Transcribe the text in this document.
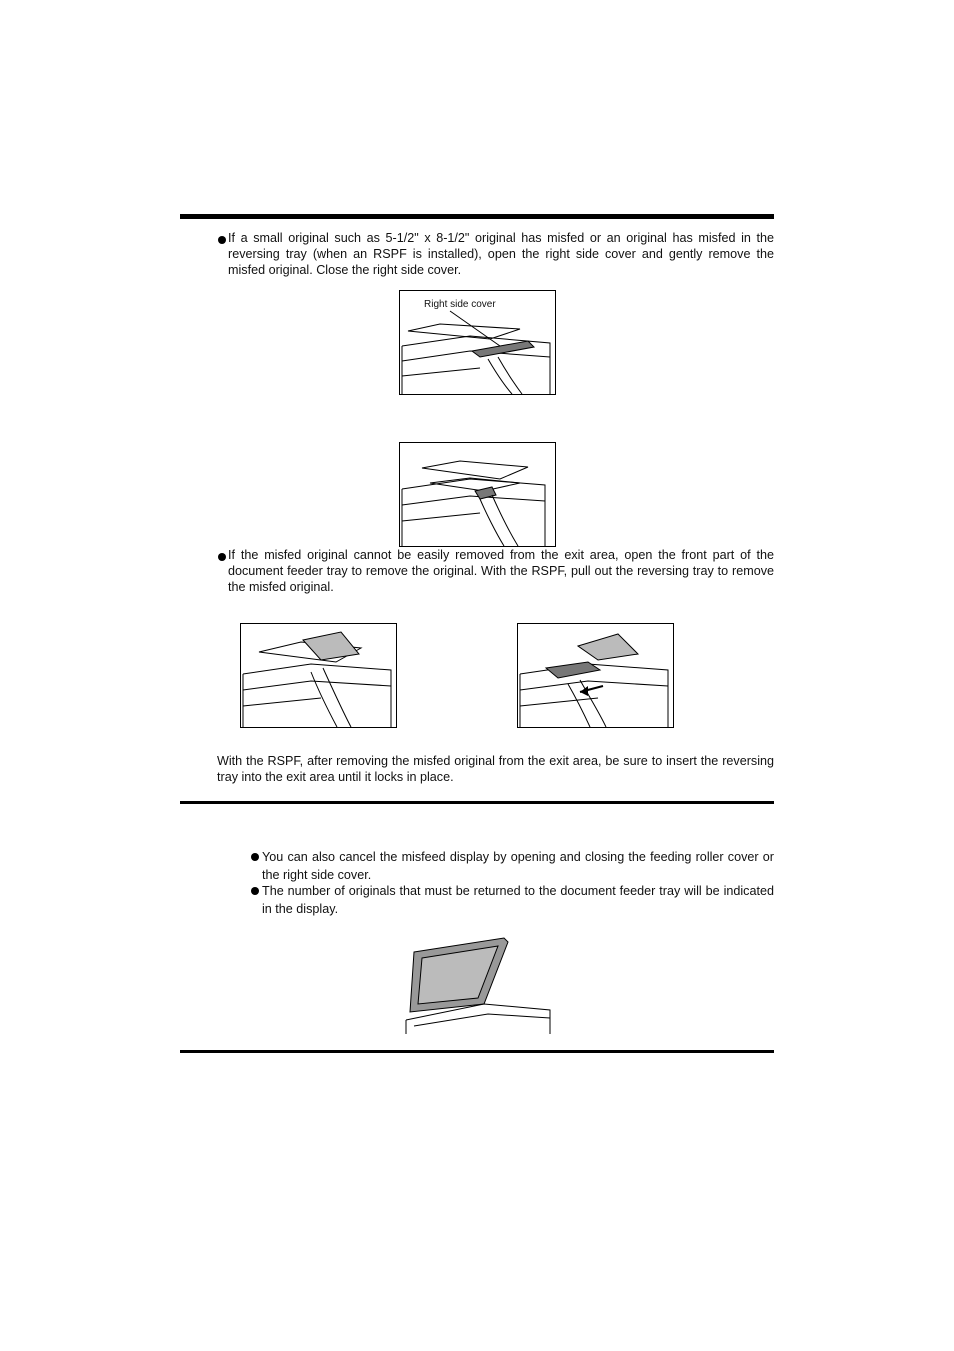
If a small original such as 5-1/2" x 8-1/2" original has misfed or an original has misfed in the reversing tray (when an RSPF is installed), open the right side cover and gently remove the misfed original. Close the right side cover.
Right side cover
If the misfed original cannot be easily removed from the exit area, open the front part of the document feeder tray to remove the original. With the RSPF, pull out the reversing tray to remove the misfed original.
With the RSPF, after removing the misfed original from the exit area, be sure to insert the reversing tray into the exit area until it locks in place.
You can also cancel the misfeed display by opening and closing the feeding roller cover or the right side cover.
The number of originals that must be returned to the document feeder tray will be indicated in the display.
